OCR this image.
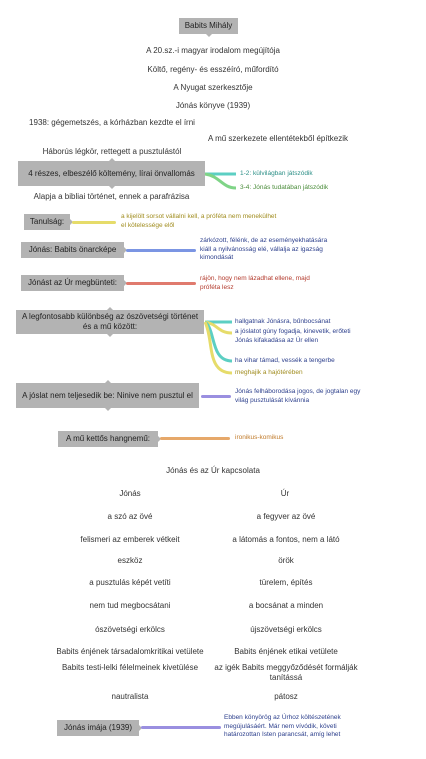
Babits Mihály
A 20.sz.-i magyar irodalom megújítója
Költő, regény- és esszéíró, műfordító
A Nyugat szerkesztője
Jónás könyve (1939)
1938: gégemetszés, a kórházban kezdte el írni
Háborús légkör, rettegett a pusztulástól
A mű szerkezete ellentétekből építkezik
4 részes, elbeszélő költemény, lírai önvallomás	1-2: külvilágban játszódik
3-4: Jónás tudatában játszódik
Alapja a bibliai történet, ennek a parafrázisa
Tanulság:
a kijelölt sorsot vállalni kell, a próféta nem menekülhet el kötelessége elől
Jónás: Babits önarcképe
zárkózott, félénk, de az eseményekhatására kiáll a nyilvánosság elé, vállalja az igazság kimondását
Jónást az Úr megbünteti:	rájön, hogy nem lázadhat ellene, majd próféta lesz
A legfontosabb különbség az ószövetségi történet és a mű között:
hallgatnak Jónásra, bűnbocsánat
a jóslatot gúny fogadja, kinevetik, erőteti Jónás kifakadása az Úr ellen
ha vihar támad, vessék a tengerbe
meghajik a hajótérében
A jóslat nem teljesedik be: Ninive nem pusztul el	Jónás felháborodása jogos, de jogtalan egy világ pusztulását kívánnia
A mű kettős hangnemű:	ironikus-komikus
Jónás és az Úr kapcsolata
Jónás	Úr
a szó az övé	a fegyver az övé
felismeri az emberek vétkeit	a látomás a fontos, nem a látó
eszköz	örök
a pusztulás képét vetíti	türelem, építés
nem tud megbocsátani	a bocsánat a minden
ószövetségi erkölcs	újszövetségi erkölcs
Babits énjének társadalomkritikai vetülete	Babits énjének etikai vetülete
Babits testi-lelki félelmeinek kivetülése	az igék Babits meggyőződését formálják tanítássá
nautralista	pátosz
Jónás imája (1939)
Ebben könyörög az Úrhoz költészetének megújulásáért. Már nem vívódik, követi határozottan Isten parancsát, amíg lehet
